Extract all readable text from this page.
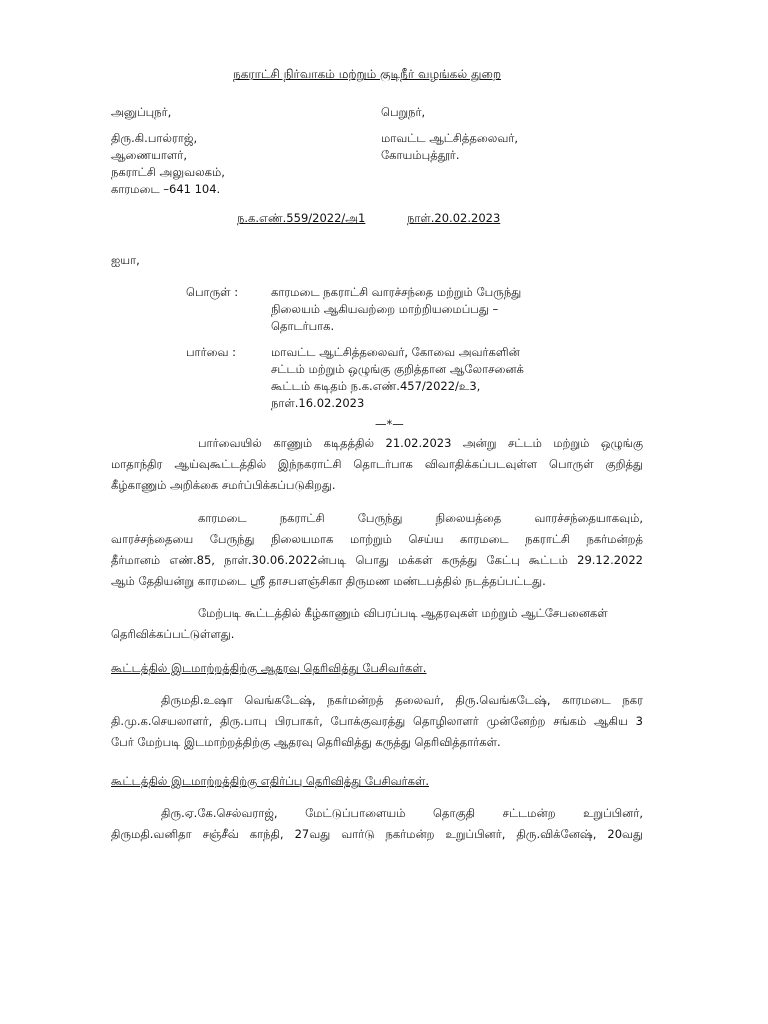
நகராட்சி நிர்வாகம் மற்றும் குடிநீர் வழங்கல் துறை

அனுப்புநர்,

திரு.கி.பால்ராஜ்,

ஆணையாளர்,

நகராட்சி அலுவலகம்,

காரமடை –641 104.

பெறுநர்,

மாவட்ட ஆட்சித்தலைவர்,

கோயம்புத்தூர்.

ந.க.எண்.559/2022/அ1	நாள்.20.02.2023

ஐயா,

பொருள் :	காரமடை நகராட்சி வாரச்சந்தை மற்றும் பேருந்து

நிலையம் ஆகியவற்றை மாற்றியமைப்பது –

தொடர்பாக.

பார்வை :	மாவட்ட ஆட்சித்தலைவர், கோவை அவர்களின்

சட்டம் மற்றும் ஒழுங்கு குறித்தான ஆலோசனைக்

கூட்டம் கடிதம் ந.க.எண்.457/2022/உ3,

நாள்.16.02.2023

—*—

பார்வையில் காணும் கடிதத்தில் 21.02.2023 அன்று சட்டம் மற்றும் ஒழுங்கு
மாதாந்திர ஆய்வுகூட்டத்தில் இந்நகராட்சி தொடர்பாக விவாதிக்கப்படவுள்ள பொருள் குறித்து
கீழ்காணும் அறிக்கை சமர்ப்பிக்கப்படுகிறது.
காரமடை நகராட்சி பேருந்து நிலையத்தை வாரச்சந்தையாகவும்,
வாரச்சந்தையை பேருந்து நிலையமாக மாற்றும் செய்ய காரமடை நகராட்சி நகர்மன்றத்
தீர்மானம் எண்.85, நாள்.30.06.2022ன்படி பொது மக்கள் கருத்து கேட்பு கூட்டம் 29.12.2022
ஆம் தேதியன்று காரமடை ஸ்ரீ தாசபளஞ்சிகா திருமண மண்டபத்தில் நடத்தப்பட்டது.
மேற்படி கூட்டத்தில் கீழ்காணும் விபரப்படி ஆதரவுகள் மற்றும் ஆட்சேபனைகள்
தெரிவிக்கப்பட்டுள்ளது.

கூட்டத்தில் இடமாற்றத்திற்கு ஆதரவு தெரிவித்து பேசிவர்கள்.

திருமதி.உஷா வெங்கடேஷ், நகர்மன்றத் தலைவர், திரு.வெங்கடேஷ், காரமடை நகர
தி.மு.க.செயலாளர், திரு.பாபு பிரபாகர், போக்குவரத்து தொழிலாளர் முன்னேற்ற சங்கம் ஆகிய 3
பேர் மேற்படி இடமாற்றத்திற்கு ஆதரவு தெரிவித்து கருத்து தெரிவித்தார்கள்.

கூட்டத்தில் இடமாற்றத்திற்கு எதிர்ப்பு தெரிவித்து பேசிவர்கள்.

திரு.ஏ.கே.செல்வராஜ், மேட்டுப்பாளையம் தொகுதி சட்டமன்ற உறுப்பினர்,
திருமதி.வனிதா சஞ்சீவ் காந்தி, 27வது வார்டு நகர்மன்ற உறுப்பினர், திரு.விக்னேஷ், 20வது
